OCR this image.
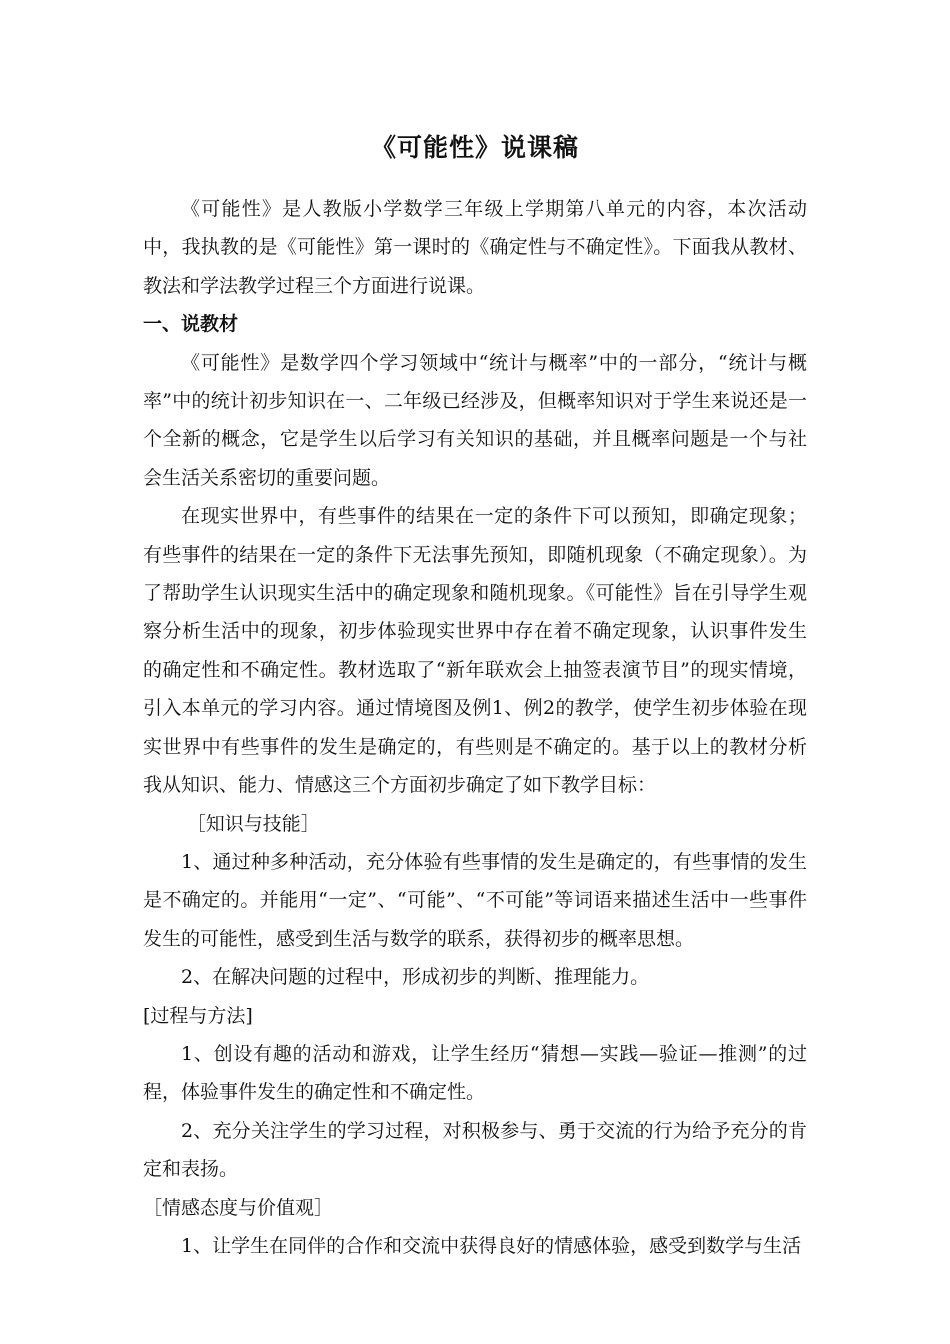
《可能性》说课稿

《可能性》是人教版小学数学三年级上学期第八单元的内容，本次活动中，我执教的是《可能性》第一课时的《确定性与不确定性》。下面我从教材、教法和学法教学过程三个方面进行说课。

一、说教材

《可能性》是数学四个学习领域中“统计与概率”中的一部分，“统计与概率”中的统计初步知识在一、二年级已经涉及，但概率知识对于学生来说还是一个全新的概念，它是学生以后学习有关知识的基础，并且概率问题是一个与社会生活关系密切的重要问题。

在现实世界中，有些事件的结果在一定的条件下可以预知，即确定现象；有些事件的结果在一定的条件下无法事先预知，即随机现象（不确定现象）。为了帮助学生认识现实生活中的确定现象和随机现象。《可能性》旨在引导学生观察分析生活中的现象，初步体验现实世界中存在着不确定现象，认识事件发生的确定性和不确定性。教材选取了“新年联欢会上抽签表演节目”的现实情境，引入本单元的学习内容。通过情境图及例1、例2的教学，使学生初步体验在现实世界中有些事件的发生是确定的，有些则是不确定的。基于以上的教材分析我从知识、能力、情感这三个方面初步确定了如下教学目标：

［知识与技能］

1、通过种多种活动，充分体验有些事情的发生是确定的，有些事情的发生是不确定的。并能用“一定”、“可能”、“不可能”等词语来描述生活中一些事件发生的可能性，感受到生活与数学的联系，获得初步的概率思想。

2、在解决问题的过程中，形成初步的判断、推理能力。

[过程与方法]

1、创设有趣的活动和游戏，让学生经历“猜想—实践—验证—推测”的过程，体验事件发生的确定性和不确定性。

2、充分关注学生的学习过程，对积极参与、勇于交流的行为给予充分的肯定和表扬。

［情感态度与价值观］

1、让学生在同伴的合作和交流中获得良好的情感体验，感受到数学与生活
